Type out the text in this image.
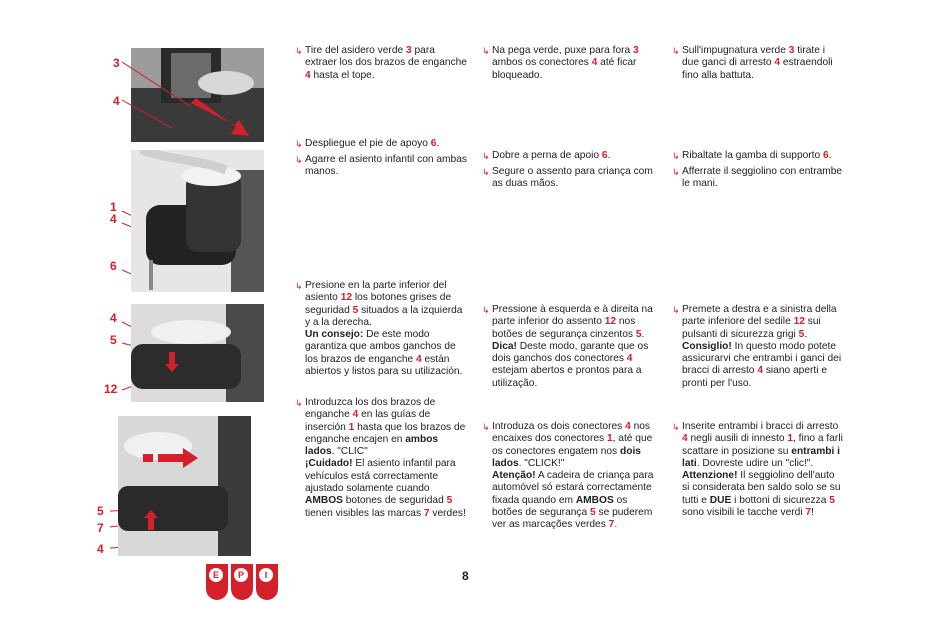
3
4
1
4
6
4
5
12
5
7
4
E	P	I

↳ Tire del asidero verde 3 para extraer los dos brazos de enganche 4 hasta el tope.

↳ Despliegue el pie de apoyo 6.

↳ Agarre el asiento infantil con ambas manos.

↳ Presione en la parte inferior del asiento 12 los botones grises de seguridad 5 situados a la izquierda y a la derecha.
Un consejo: De este modo garantiza que ambos ganchos de los brazos de enganche 4 están abiertos y listos para su utilización.

↳ Introduzca los dos brazos de enganche 4 en las guías de inserción 1 hasta que los brazos de enganche encajen en ambos lados. "CLIC"
¡Cuidado! El asiento infantil para vehículos está correctamente ajustado solamente cuando AMBOS botones de seguridad 5 tienen visibles las marcas 7 verdes!

↳ Na pega verde, puxe para fora 3 ambos os conectores 4 até ficar bloqueado.

↳ Dobre a perna de apoio 6.

↳ Segure o assento para criança com as duas mãos.

↳ Pressione à esquerda e à direita na parte inferior do assento 12 nos botões de segurança cinzentos 5.
Dica! Deste modo, garante que os dois ganchos dos conectores 4 estejam abertos e prontos para a utilização.

↳ Introduza os dois conectores 4 nos encaixes dos conectores 1, até que os conectores engatem nos dois lados. "CLICK!"
Atenção! A cadeira de criança para automóvel só estará correctamente fixada quando em AMBOS os botões de segurança 5 se puderem ver as marcações verdes 7.

↳ Sull'impugnatura verde 3 tirate i due ganci di arresto 4 estraendoli fino alla battuta.

↳ Ribaltate la gamba di supporto 6.

↳ Afferrate il seggiolino con entrambe le mani.

↳ Premete a destra e a sinistra della parte inferiore del sedile 12 sui pulsanti di sicurezza grigi 5.
Consiglio! In questo modo potete assicurarvi che entrambi i ganci dei bracci di arresto 4 siano aperti e pronti per l'uso.

↳ Inserite entrambi i bracci di arresto 4 negli ausili di innesto 1, fino a farli scattare in posizione su entrambi i lati. Dovreste udire un "clic!".
Attenzione! Il seggiolino dell'auto si considerata ben saldo solo se su tutti e DUE i bottoni di sicurezza 5 sono visibili le tacche verdi 7!

8
